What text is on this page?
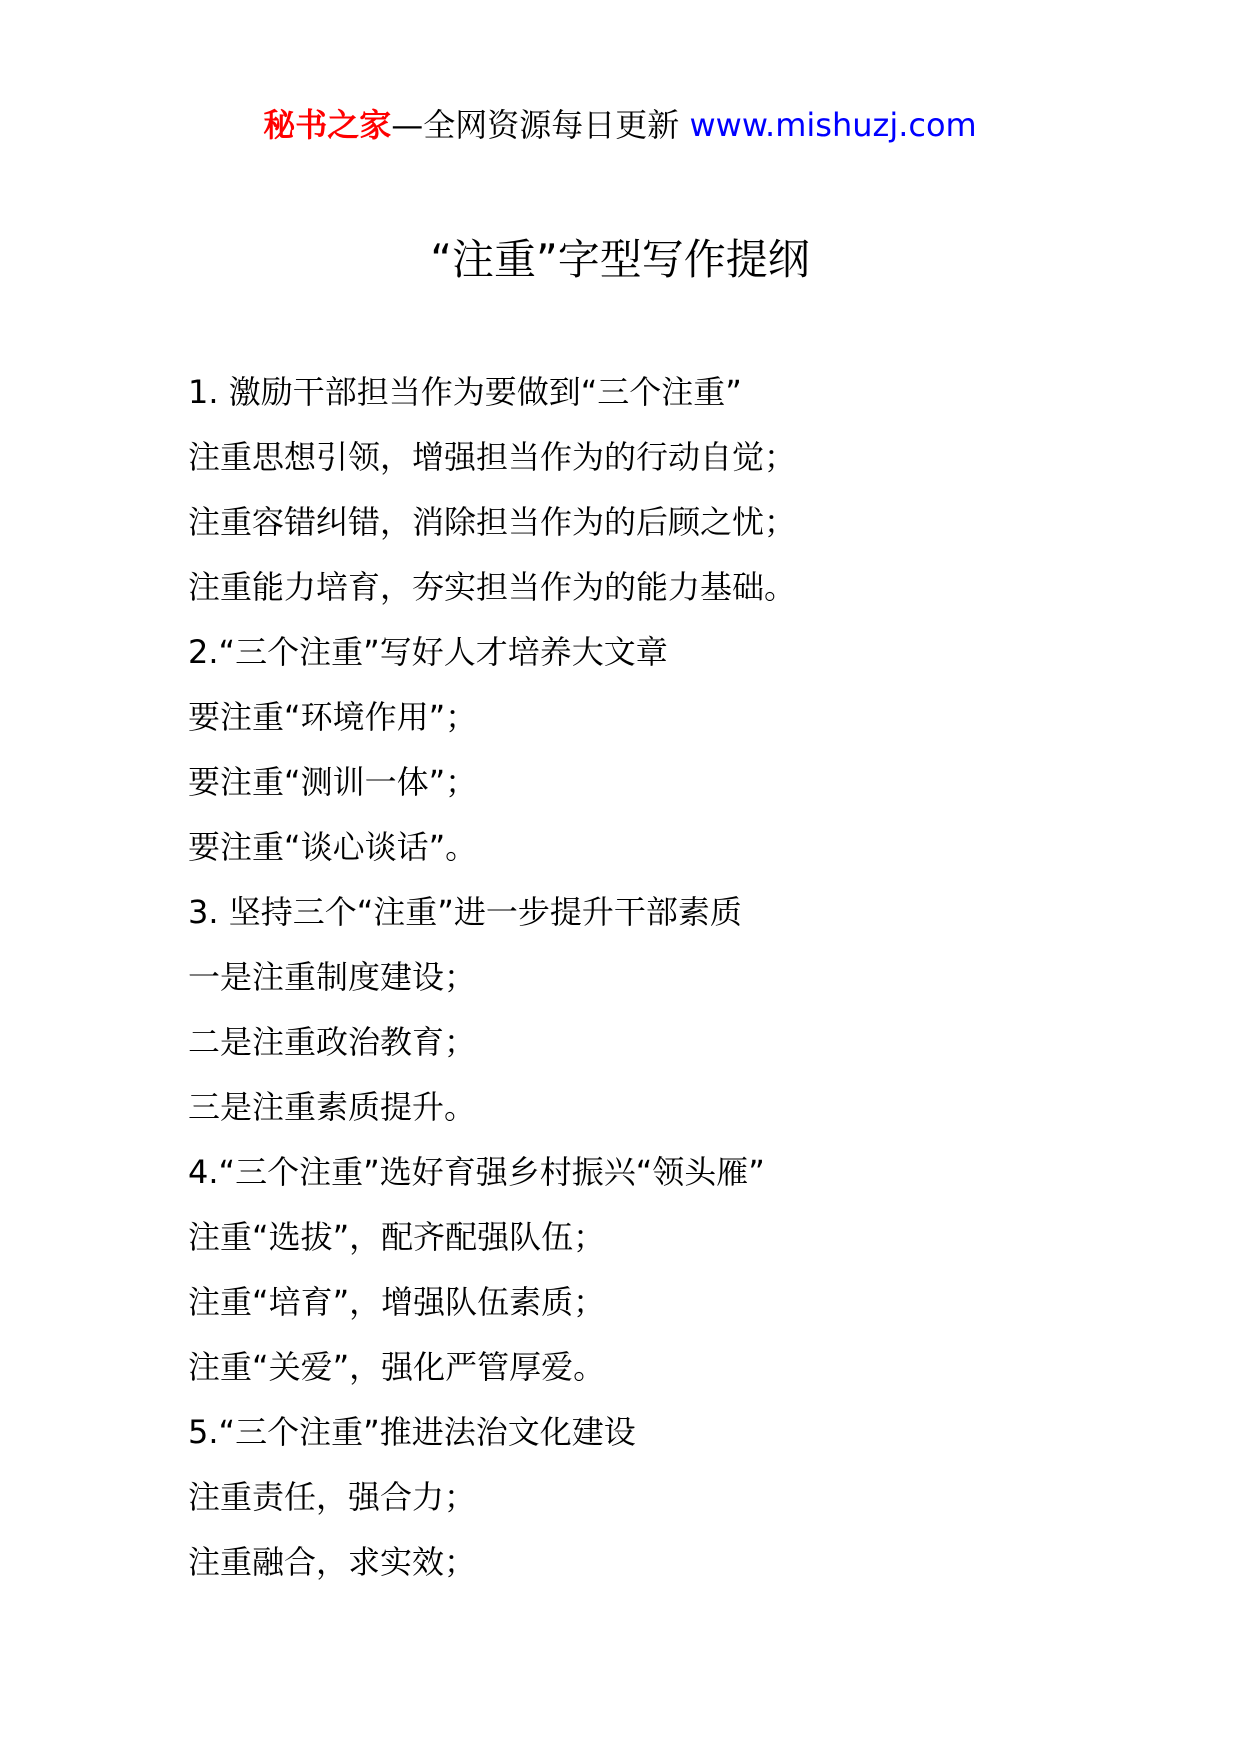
秘书之家—全网资源每日更新 www.mishuzj.com
“注重”字型写作提纲
1. 激励干部担当作为要做到“三个注重”
注重思想引领，增强担当作为的行动自觉；
注重容错纠错，消除担当作为的后顾之忧；
注重能力培育，夯实担当作为的能力基础。
2.“三个注重”写好人才培养大文章
要注重“环境作用”；
要注重“测训一体”；
要注重“谈心谈话”。
3. 坚持三个“注重”进一步提升干部素质
一是注重制度建设；
二是注重政治教育；
三是注重素质提升。
4.“三个注重”选好育强乡村振兴“领头雁”
注重“选拔”，配齐配强队伍；
注重“培育”，增强队伍素质；
注重“关爱”，强化严管厚爱。
5.“三个注重”推进法治文化建设
注重责任，强合力；
注重融合，求实效；
